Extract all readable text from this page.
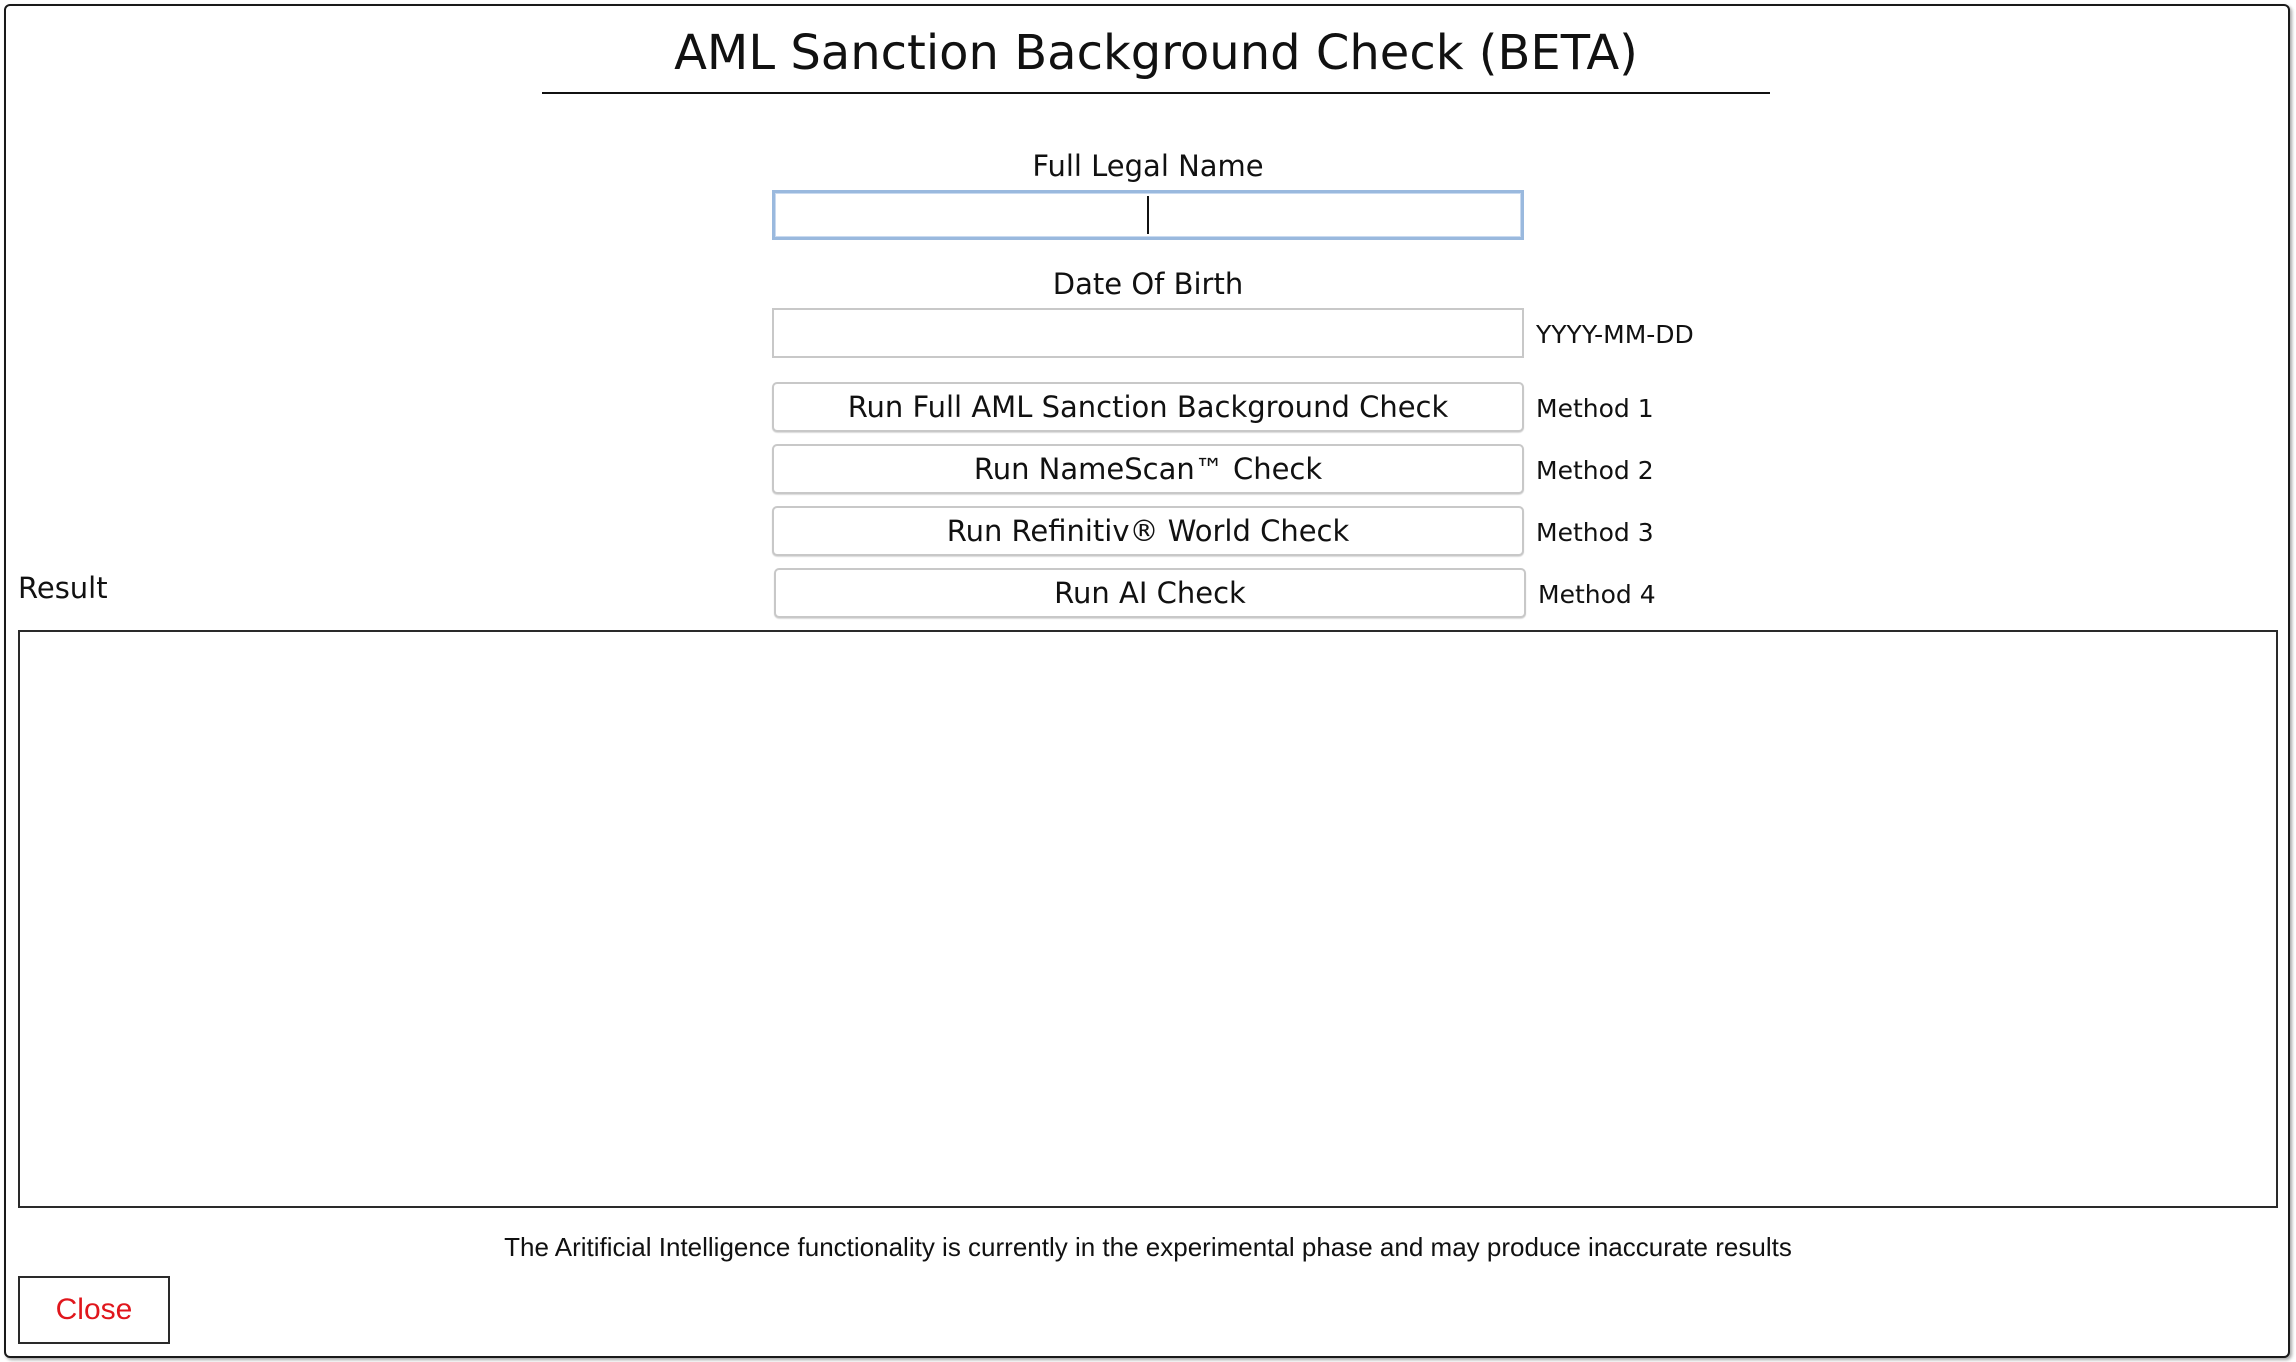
AML Sanction Background Check (BETA)
Full Legal Name
Date Of Birth
YYYY-MM-DD
Run Full AML Sanction Background Check	Method 1
Run NameScan™ Check	Method 2
Run Refinitiv® World Check	Method 3
Run AI Check	Method 4
Result
The Aritificial Intelligence functionality is currently in the experimental phase and may produce inaccurate results
Close
